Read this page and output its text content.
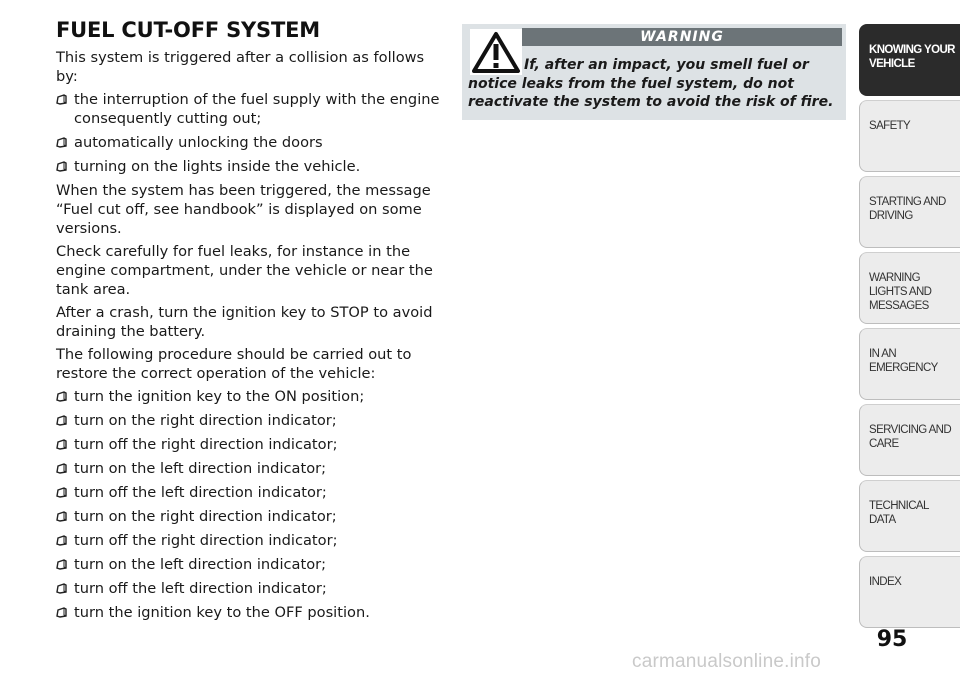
FUEL CUT-OFF SYSTEM

This system is triggered after a collision as follows by:

the interruption of the fuel supply with the engine consequently cutting out;
automatically unlocking the doors
turning on the lights inside the vehicle.

When the system has been triggered, the message “Fuel cut off, see handbook” is displayed on some versions.

Check carefully for fuel leaks, for instance in the engine compartment, under the vehicle or near the tank area.

After a crash, turn the ignition key to STOP to avoid draining the battery.

The following procedure should be carried out to restore the correct operation of the vehicle:

turn the ignition key to the ON position;
turn on the right direction indicator;
turn off the right direction indicator;
turn on the left direction indicator;
turn off the left direction indicator;
turn on the right direction indicator;
turn off the right direction indicator;
turn on the left direction indicator;
turn off the left direction indicator;
turn the ignition key to the OFF position.
WARNING
If, after an impact, you smell fuel or notice leaks from the fuel system, do not reactivate the system to avoid the risk of fire.
KNOWING YOUR VEHICLE
SAFETY
STARTING AND DRIVING
WARNING LIGHTS AND MESSAGES
IN AN EMERGENCY
SERVICING AND CARE
TECHNICAL DATA
INDEX
95
carmanualsonline.info
